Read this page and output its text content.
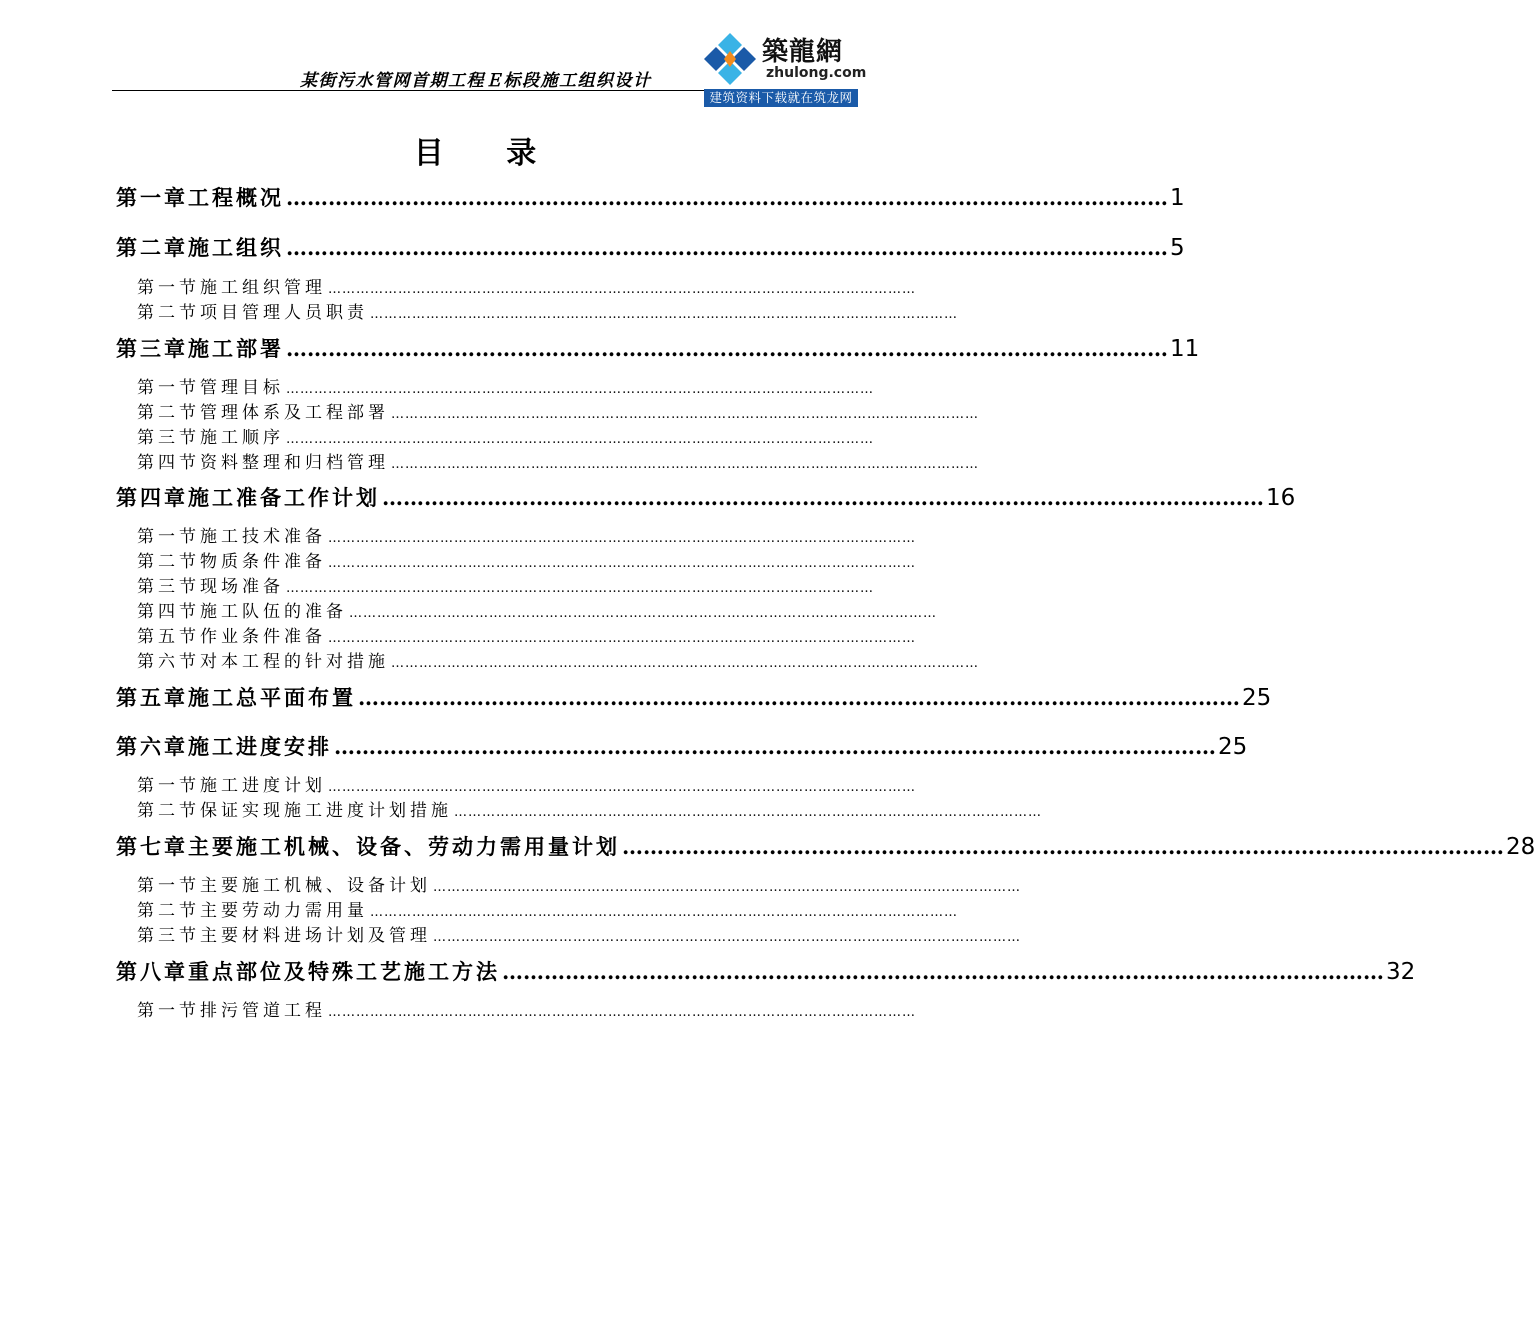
某街污水管网首期工程Ｅ标段施工组织设计
築龍網
zhulong.com
建筑资料下载就在筑龙网
目 录
第一章 工程概况 ……………………………………………………………………………………………………………… 1
第二章 施工组织 ……………………………………………………………………………………………………………… 5
第一节 施工组织管理 ………………………………………………………………………………………………………………
第二节 项目管理人员职责 ………………………………………………………………………………………………………………
第三章 施工部署 ……………………………………………………………………………………………………………… 11
第一节 管理目标 ………………………………………………………………………………………………………………
第二节 管理体系及工程部署 ………………………………………………………………………………………………………………
第三节 施工顺序 ………………………………………………………………………………………………………………
第四节 资料整理和归档管理 ………………………………………………………………………………………………………………
第四章 施工准备工作计划 ……………………………………………………………………………………………………………… 16
第一节 施工技术准备 ………………………………………………………………………………………………………………
第二节 物质条件准备 ………………………………………………………………………………………………………………
第三节 现场准备 ………………………………………………………………………………………………………………
第四节 施工队伍的准备 ………………………………………………………………………………………………………………
第五节 作业条件准备 ………………………………………………………………………………………………………………
第六节 对本工程的针对措施 ………………………………………………………………………………………………………………
第五章 施工总平面布置 ……………………………………………………………………………………………………………… 25
第六章 施工进度安排 ……………………………………………………………………………………………………………… 25
第一节 施工进度计划 ………………………………………………………………………………………………………………
第二节 保证实现施工进度计划措施 ………………………………………………………………………………………………………………
第七章 主要施工机械、设备、劳动力需用量计划 ……………………………………………………………………………………………………………… 28
第一节 主要施工机械、设备计划 ………………………………………………………………………………………………………………
第二节 主要劳动力需用量 ………………………………………………………………………………………………………………
第三节 主要材料进场计划及管理 ………………………………………………………………………………………………………………
第八章 重点部位及特殊工艺施工方法 ……………………………………………………………………………………………………………… 32
第一节 排污管道工程 ………………………………………………………………………………………………………………
